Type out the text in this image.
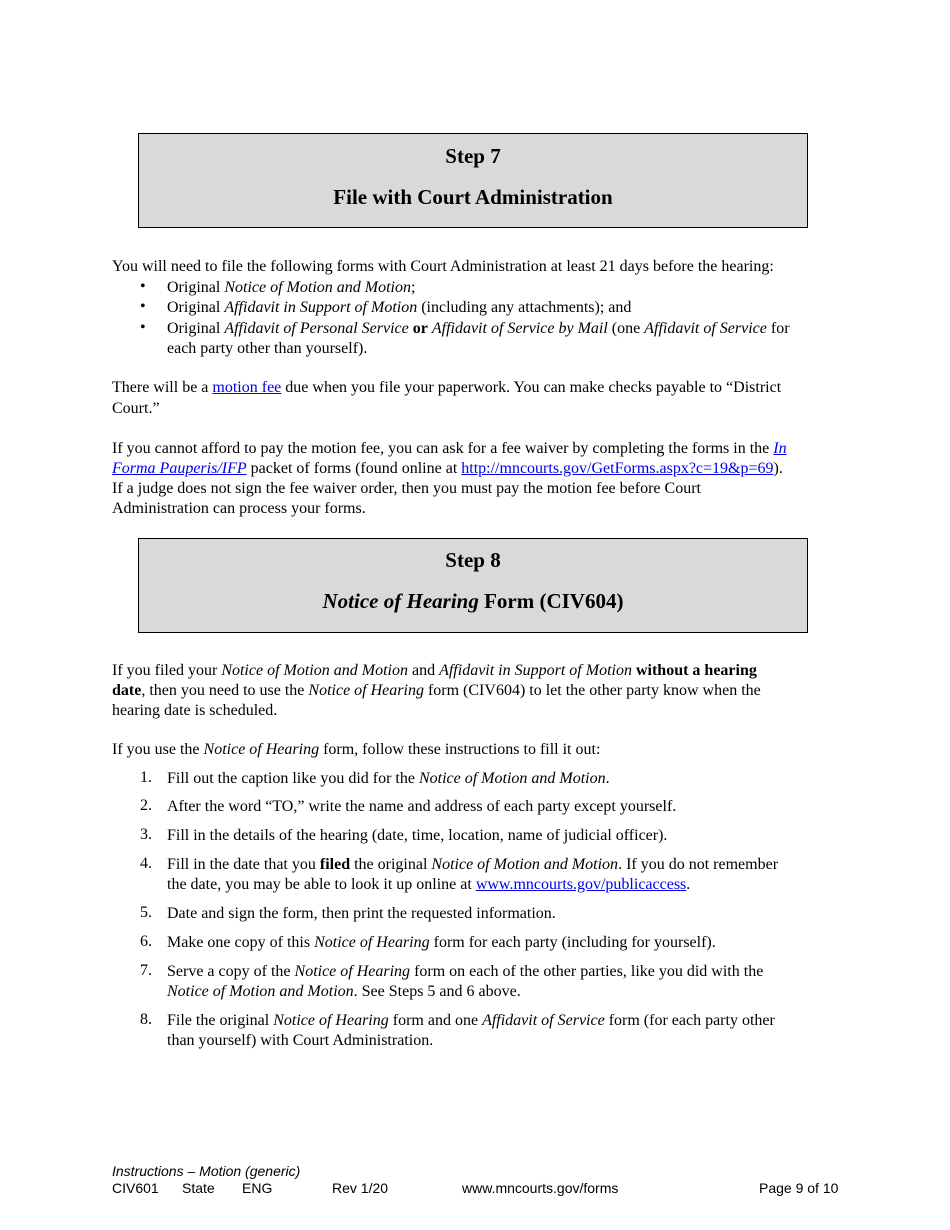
Step 7
File with Court Administration
You will need to file the following forms with Court Administration at least 21 days before the hearing:
• Original Notice of Motion and Motion;
• Original Affidavit in Support of Motion (including any attachments); and
• Original Affidavit of Personal Service or Affidavit of Service by Mail (one Affidavit of Service for
each party other than yourself).
There will be a motion fee due when you file your paperwork. You can make checks payable to “District
Court.”
If you cannot afford to pay the motion fee, you can ask for a fee waiver by completing the forms in the In
Forma Pauperis/IFP packet of forms (found online at http://mncourts.gov/GetForms.aspx?c=19&p=69).
If a judge does not sign the fee waiver order, then you must pay the motion fee before Court
Administration can process your forms.
Step 8
Notice of Hearing Form (CIV604)
If you filed your Notice of Motion and Motion and Affidavit in Support of Motion without a hearing
date, then you need to use the Notice of Hearing form (CIV604) to let the other party know when the
hearing date is scheduled.
If you use the Notice of Hearing form, follow these instructions to fill it out:
1. Fill out the caption like you did for the Notice of Motion and Motion.
2. After the word “TO,” write the name and address of each party except yourself.
3. Fill in the details of the hearing (date, time, location, name of judicial officer).
4. Fill in the date that you filed the original Notice of Motion and Motion. If you do not remember
the date, you may be able to look it up online at www.mncourts.gov/publicaccess.
5. Date and sign the form, then print the requested information.
6. Make one copy of this Notice of Hearing form for each party (including for yourself).
7. Serve a copy of the Notice of Hearing form on each of the other parties, like you did with the
Notice of Motion and Motion. See Steps 5 and 6 above.
8. File the original Notice of Hearing form and one Affidavit of Service form (for each party other
than yourself) with Court Administration.
Instructions – Motion (generic)
CIV601 State ENG	Rev 1/20	www.mncourts.gov/forms	Page 9 of 10
